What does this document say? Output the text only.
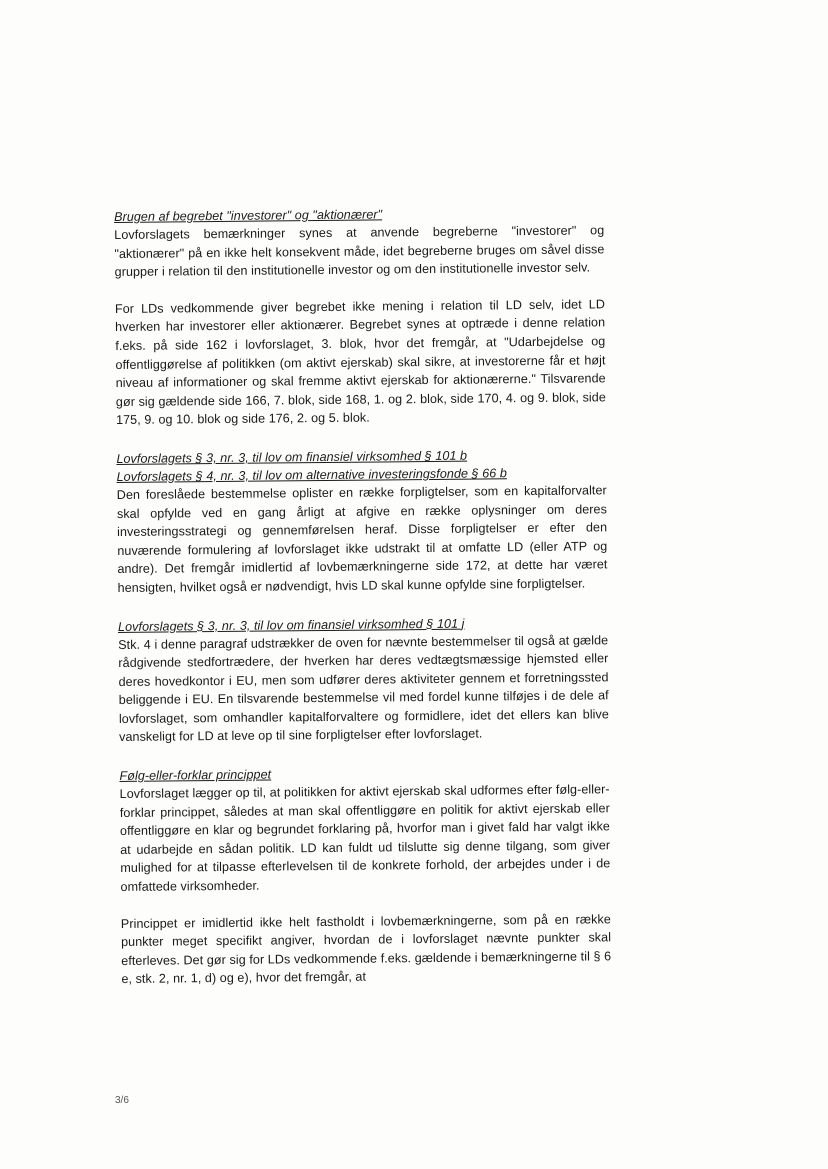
Brugen af begrebet "investorer" og "aktionærer"

Lovforslagets bemærkninger synes at anvende begreberne "investorer" og "aktionærer" på en ikke helt konsekvent måde, idet begreberne bruges om såvel disse grupper i relation til den institutionelle investor og om den institutionelle investor selv.

For LDs vedkommende giver begrebet ikke mening i relation til LD selv, idet LD hverken har investorer eller aktionærer. Begrebet synes at optræde i denne relation f.eks. på side 162 i lovforslaget, 3. blok, hvor det fremgår, at "Udarbejdelse og offentliggørelse af politikken (om aktivt ejerskab) skal sikre, at investorerne får et højt niveau af informationer og skal fremme aktivt ejerskab for aktionærerne." Tilsvarende gør sig gældende side 166, 7. blok, side 168, 1. og 2. blok, side 170, 4. og 9. blok, side 175, 9. og 10. blok og side 176, 2. og 5. blok.

Lovforslagets § 3, nr. 3, til lov om finansiel virksomhed § 101 b

Lovforslagets § 4, nr. 3, til lov om alternative investeringsfonde § 66 b

Den foreslåede bestemmelse oplister en række forpligtelser, som en kapitalforvalter skal opfylde ved en gang årligt at afgive en række oplysninger om deres investeringsstrategi og gennemførelsen heraf. Disse forpligtelser er efter den nuværende formulering af lovforslaget ikke udstrakt til at omfatte LD (eller ATP og andre). Det fremgår imidlertid af lovbemærkningerne side 172, at dette har været hensigten, hvilket også er nødvendigt, hvis LD skal kunne opfylde sine forpligtelser.

Lovforslagets § 3, nr. 3, til lov om finansiel virksomhed § 101 j

Stk. 4 i denne paragraf udstrækker de oven for nævnte bestemmelser til også at gælde rådgivende stedfortrædere, der hverken har deres vedtægtsmæssige hjemsted eller deres hovedkontor i EU, men som udfører deres aktiviteter gennem et forretningssted beliggende i EU. En tilsvarende bestemmelse vil med fordel kunne tilføjes i de dele af lovforslaget, som omhandler kapitalforvaltere og formidlere, idet det ellers kan blive vanskeligt for LD at leve op til sine forpligtelser efter lovforslaget.

Følg-eller-forklar princippet

Lovforslaget lægger op til, at politikken for aktivt ejerskab skal udformes efter følg-eller-forklar princippet, således at man skal offentliggøre en politik for aktivt ejerskab eller offentliggøre en klar og begrundet forklaring på, hvorfor man i givet fald har valgt ikke at udarbejde en sådan politik. LD kan fuldt ud tilslutte sig denne tilgang, som giver mulighed for at tilpasse efterlevelsen til de konkrete forhold, der arbejdes under i de omfattede virksomheder.

Princippet er imidlertid ikke helt fastholdt i lovbemærkningerne, som på en række punkter meget specifikt angiver, hvordan de i lovforslaget nævnte punkter skal efterleves. Det gør sig for LDs vedkommende f.eks. gældende i bemærkningerne til § 6 e, stk. 2, nr. 1, d) og e), hvor det fremgår, at

3/6
